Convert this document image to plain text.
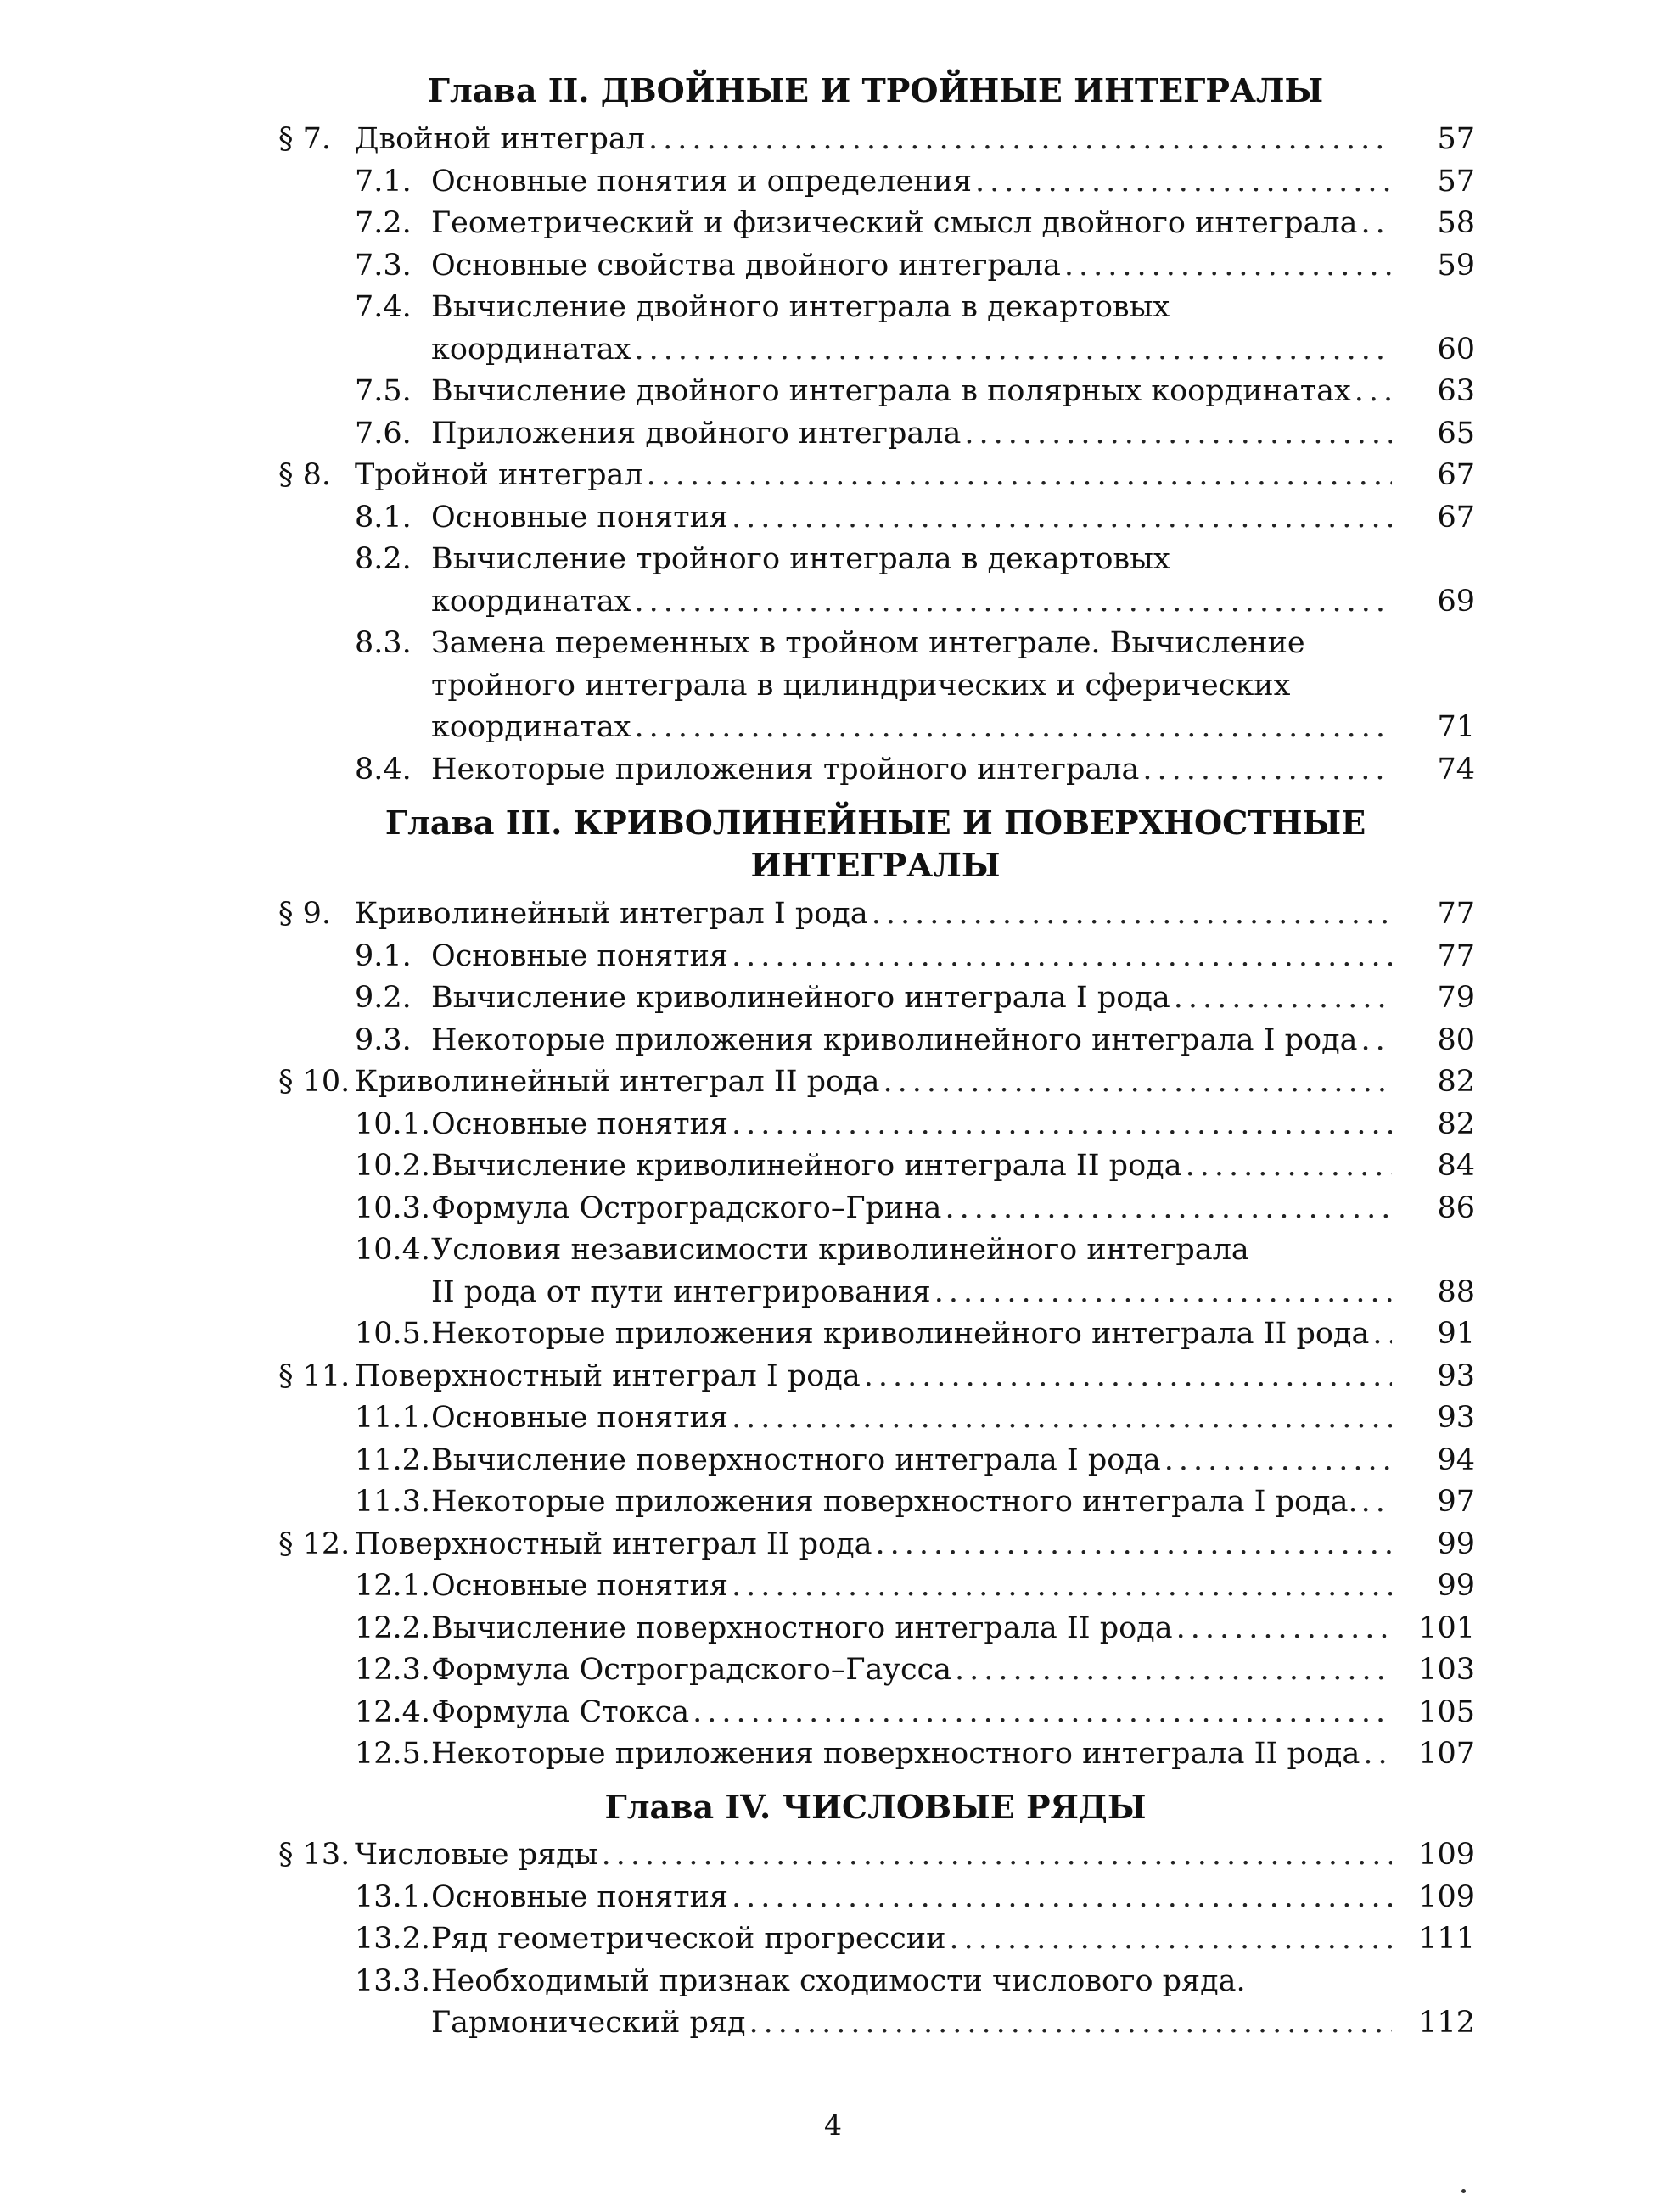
Глава II. ДВОЙНЫЕ И ТРОЙНЫЕ ИНТЕГРАЛЫ

§ 7. Двойной интеграл .....	57
7.1. Основные понятия и определения .....	57
7.2. Геометрический и физический смысл двойного интеграла .....	58
7.3. Основные свойства двойного интеграла .....	59
7.4. Вычисление двойного интеграла в декартовых
координатах .....	60
7.5. Вычисление двойного интеграла в полярных координатах .....	63
7.6. Приложения двойного интеграла .....	65
§ 8. Тройной интеграл .....	67
8.1. Основные понятия .....	67
8.2. Вычисление тройного интеграла в декартовых
координатах .....	69
8.3. Замена переменных в тройном интеграле. Вычисление
тройного интеграла в цилиндрических и сферических
координатах .....	71
8.4. Некоторые приложения тройного интеграла .....	74

Глава III. КРИВОЛИНЕЙНЫЕ И ПОВЕРХНОСТНЫЕ

ИНТЕГРАЛЫ

§ 9. Криволинейный интеграл I рода .....	77
9.1. Основные понятия .....	77
9.2. Вычисление криволинейного интеграла I рода .....	79
9.3. Некоторые приложения криволинейного интеграла I рода .....	80
§ 10. Криволинейный интеграл II рода .....	82
10.1. Основные понятия .....	82
10.2. Вычисление криволинейного интеграла II рода .....	84
10.3. Формула Остроградского–Грина .....	86
10.4. Условия независимости криволинейного интеграла
II рода от пути интегрирования .....	88
10.5. Некоторые приложения криволинейного интеграла II рода .....	91
§ 11. Поверхностный интеграл I рода .....	93
11.1. Основные понятия .....	93
11.2. Вычисление поверхностного интеграла I рода .....	94
11.3. Некоторые приложения поверхностного интеграла I рода. .....	97
§ 12. Поверхностный интеграл II рода .....	99
12.1. Основные понятия .....	99
12.2. Вычисление поверхностного интеграла II рода .....	101
12.3. Формула Остроградского–Гаусса .....	103
12.4. Формула Стокса .....	105
12.5. Некоторые приложения поверхностного интеграла II рода .....	107

Глава IV. ЧИСЛОВЫЕ РЯДЫ

§ 13. Числовые ряды .....	109
13.1. Основные понятия .....	109
13.2. Ряд геометрической прогрессии .....	111
13.3. Необходимый признак сходимости числового ряда.
Гармонический ряд .....	112
4
